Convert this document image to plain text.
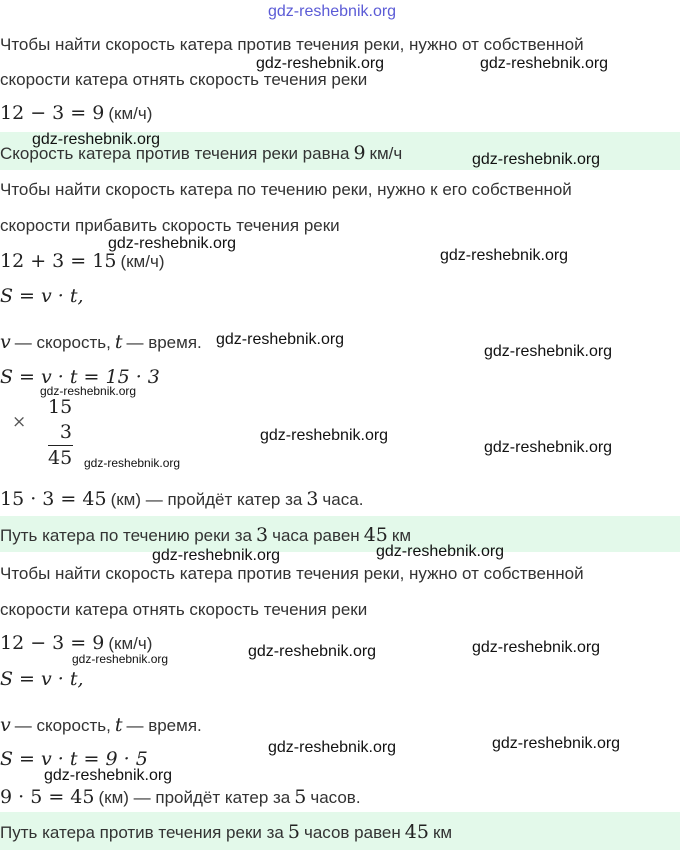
gdz-reshebnik.org
Чтобы найти скорость катера против течения реки, нужно от собственной
скорости катера отнять скорость течения реки
12 − 3 = 9 (км/ч)
Скорость катера против течения реки равна 9 км/ч
Чтобы найти скорость катера по течению реки, нужно к его собственной
скорости прибавить скорость течения реки
12 + 3 = 15 (км/ч)
S = v · t,
v — скорость, t — время.
S = v · t = 15 · 3
×
15
3
45
15 · 3 = 45 (км) — пройдёт катер за 3 часа.
Путь катера по течению реки за 3 часа равен 45 км
Чтобы найти скорость катера против течения реки, нужно от собственной
скорости катера отнять скорость течения реки
12 − 3 = 9 (км/ч)
S = v · t,
v — скорость, t — время.
S = v · t = 9 · 5
9 · 5 = 45 (км) — пройдёт катер за 5 часов.
Путь катера против течения реки за 5 часов равен 45 км
gdz-reshebnik.org	gdz-reshebnik.org
gdz-reshebnik.org
gdz-reshebnik.org
gdz-reshebnik.org
gdz-reshebnik.org
gdz-reshebnik.org
gdz-reshebnik.org
gdz-reshebnik.org
gdz-reshebnik.org
gdz-reshebnik.org
gdz-reshebnik.org
gdz-reshebnik.org	gdz-reshebnik.org
gdz-reshebnik.org	gdz-reshebnik.org	gdz-reshebnik.org
gdz-reshebnik.org	gdz-reshebnik.org
gdz-reshebnik.org
